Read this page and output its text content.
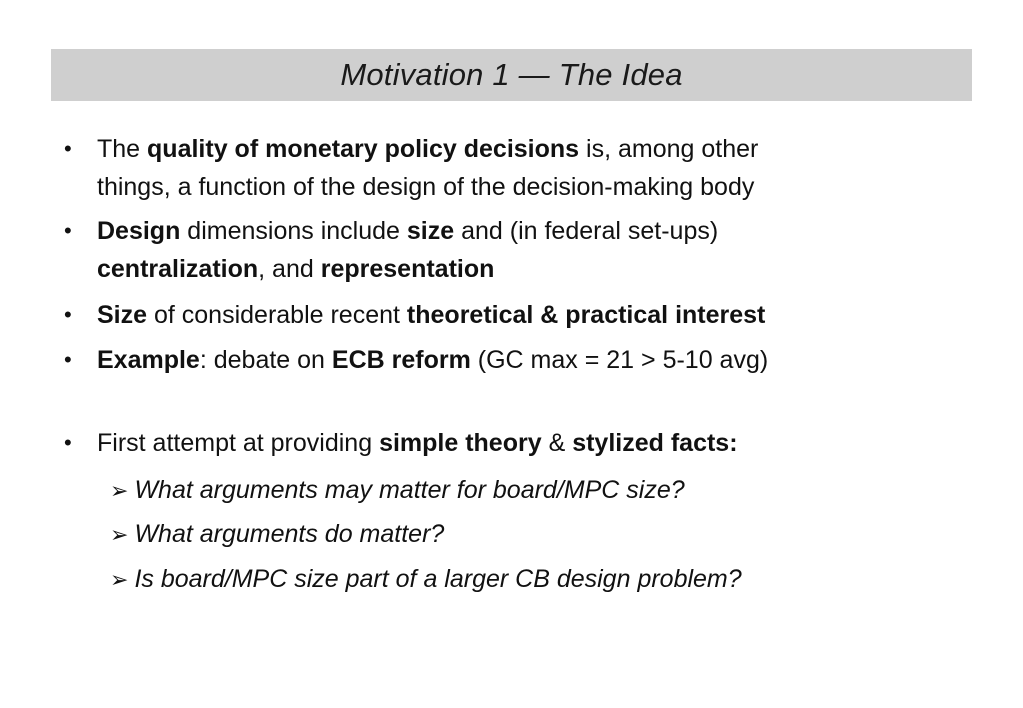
Motivation 1 — The Idea
• The quality of monetary policy decisions is, among other
things, a function of the design of the decision-making body
• Design dimensions include size and (in federal set-ups)
centralization, and representation
• Size of considerable recent theoretical & practical interest
• Example: debate on ECB reform (GC max = 21 > 5-10 avg)
• First attempt at providing simple theory & stylized facts:
➢ What arguments may matter for board/MPC size?
➢ What arguments do matter?
➢ Is board/MPC size part of a larger CB design problem?
